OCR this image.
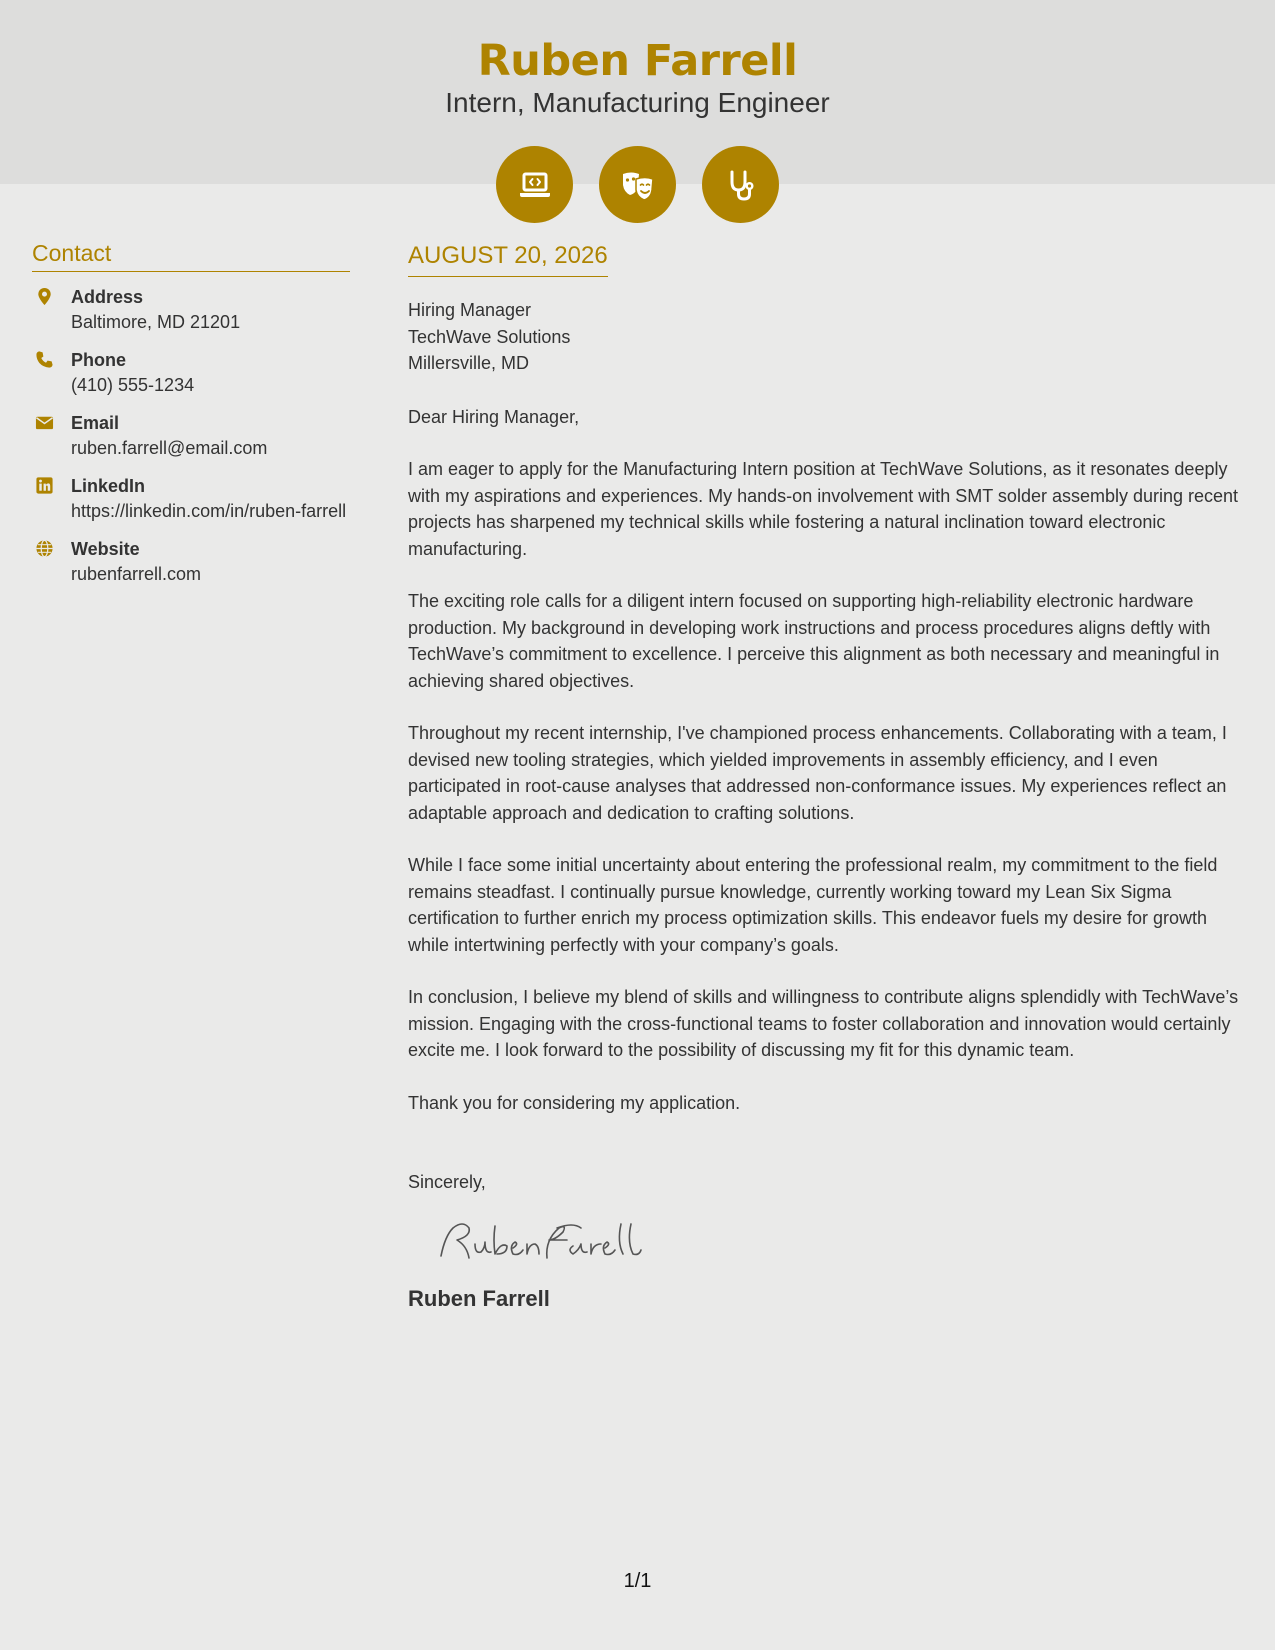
Ruben Farrell
Intern, Manufacturing Engineer
Contact
Address
Baltimore, MD 21201
Phone
(410) 555-1234
Email
ruben.farrell@email.com
LinkedIn
https://linkedin.com/in/ruben-farrell
Website
rubenfarrell.com
AUGUST 20, 2026
Hiring Manager
TechWave Solutions
Millersville, MD
Dear Hiring Manager,
I am eager to apply for the Manufacturing Intern position at TechWave Solutions, as it resonates deeply with my aspirations and experiences. My hands-on involvement with SMT solder assembly during recent projects has sharpened my technical skills while fostering a natural inclination toward electronic manufacturing.
The exciting role calls for a diligent intern focused on supporting high-reliability electronic hardware production. My background in developing work instructions and process procedures aligns deftly with TechWave’s commitment to excellence. I perceive this alignment as both necessary and meaningful in achieving shared objectives.
Throughout my recent internship, I've championed process enhancements. Collaborating with a team, I devised new tooling strategies, which yielded improvements in assembly efficiency, and I even participated in root-cause analyses that addressed non-conformance issues. My experiences reflect an adaptable approach and dedication to crafting solutions.
While I face some initial uncertainty about entering the professional realm, my commitment to the field remains steadfast. I continually pursue knowledge, currently working toward my Lean Six Sigma certification to further enrich my process optimization skills. This endeavor fuels my desire for growth while intertwining perfectly with your company’s goals.
In conclusion, I believe my blend of skills and willingness to contribute aligns splendidly with TechWave’s mission. Engaging with the cross-functional teams to foster collaboration and innovation would certainly excite me. I look forward to the possibility of discussing my fit for this dynamic team.
Thank you for considering my application.
Sincerely,
Ruben Farrell
1/1
